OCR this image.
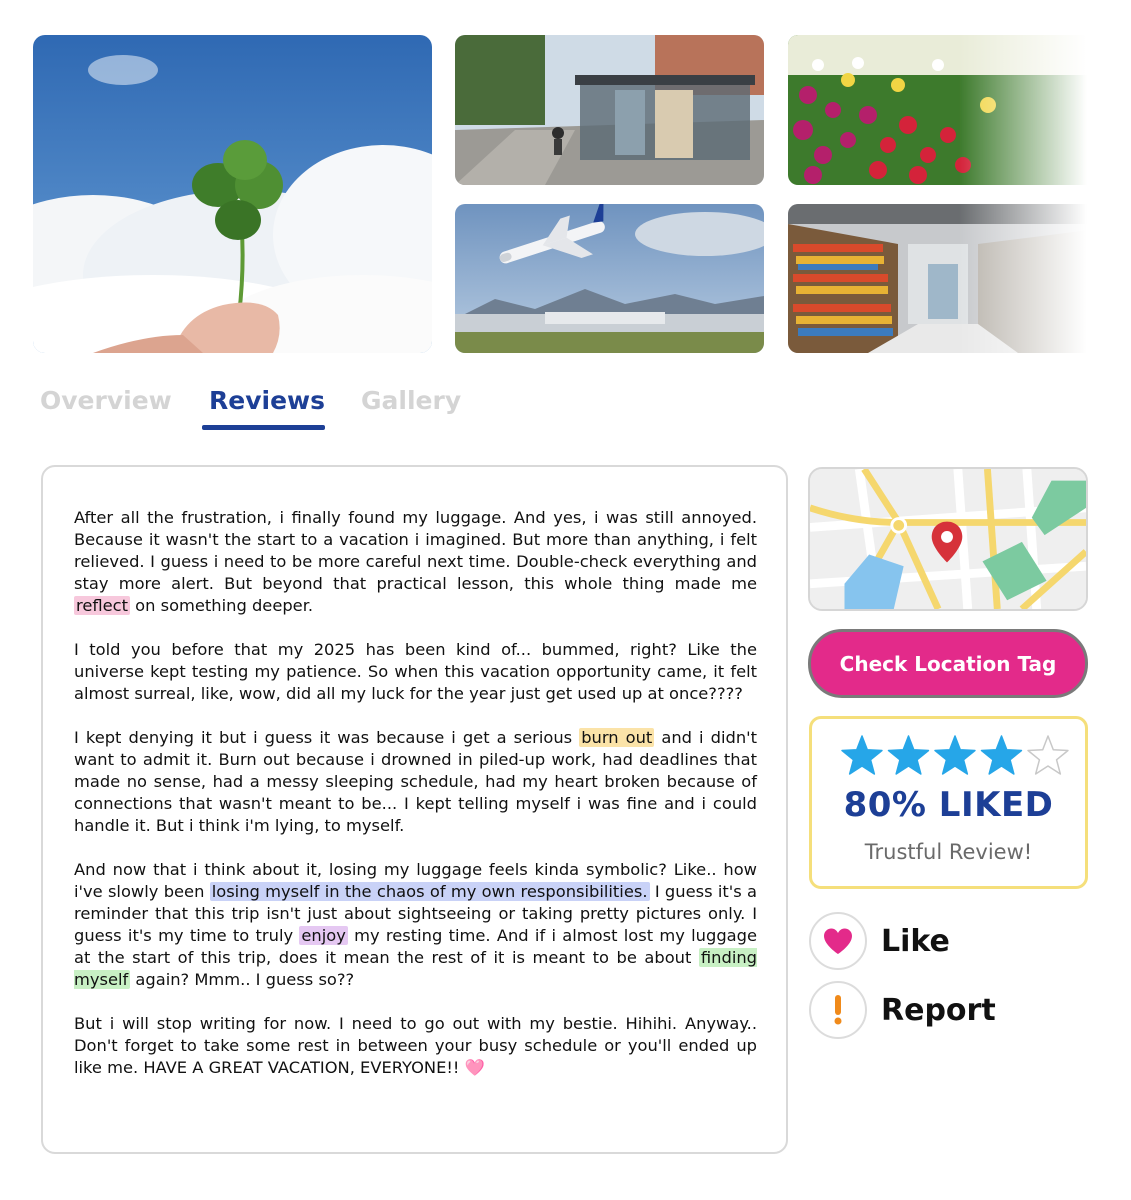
Overview Reviews Gallery

After all the frustration, i finally found my luggage. And yes, i was still annoyed. Because it wasn't the start to a vacation i imagined. But more than anything, i felt relieved. I guess i need to be more careful next time. Double-check everything and stay more alert. But beyond that practical lesson, this whole thing made me reflect on something deeper.

I told you before that my 2025 has been kind of... bummed, right? Like the universe kept testing my patience. So when this vacation opportunity came, it felt almost surreal, like, wow, did all my luck for the year just get used up at once????

I kept denying it but i guess it was because i get a serious burn out and i didn't want to admit it. Burn out because i drowned in piled-up work, had deadlines that made no sense, had a messy sleeping schedule, had my heart broken because of connections that wasn't meant to be... I kept telling myself i was fine and i could handle it. But i think i'm lying, to myself.

And now that i think about it, losing my luggage feels kinda symbolic? Like.. how i've slowly been losing myself in the chaos of my own responsibilities. I guess it's a reminder that this trip isn't just about sightseeing or taking pretty pictures only. I guess it's my time to truly enjoy my resting time. And if i almost lost my luggage at the start of this trip, does it mean the rest of it is meant to be about finding myself again? Mmm.. I guess so??

But i will stop writing for now. I need to go out with my bestie. Hihihi. Anyway.. Don't forget to take some rest in between your busy schedule or you'll ended up like me. HAVE A GREAT VACATION, EVERYONE!! 🩷

Check Location Tag
80% LIKED
Trustful Review!
Like
Report
